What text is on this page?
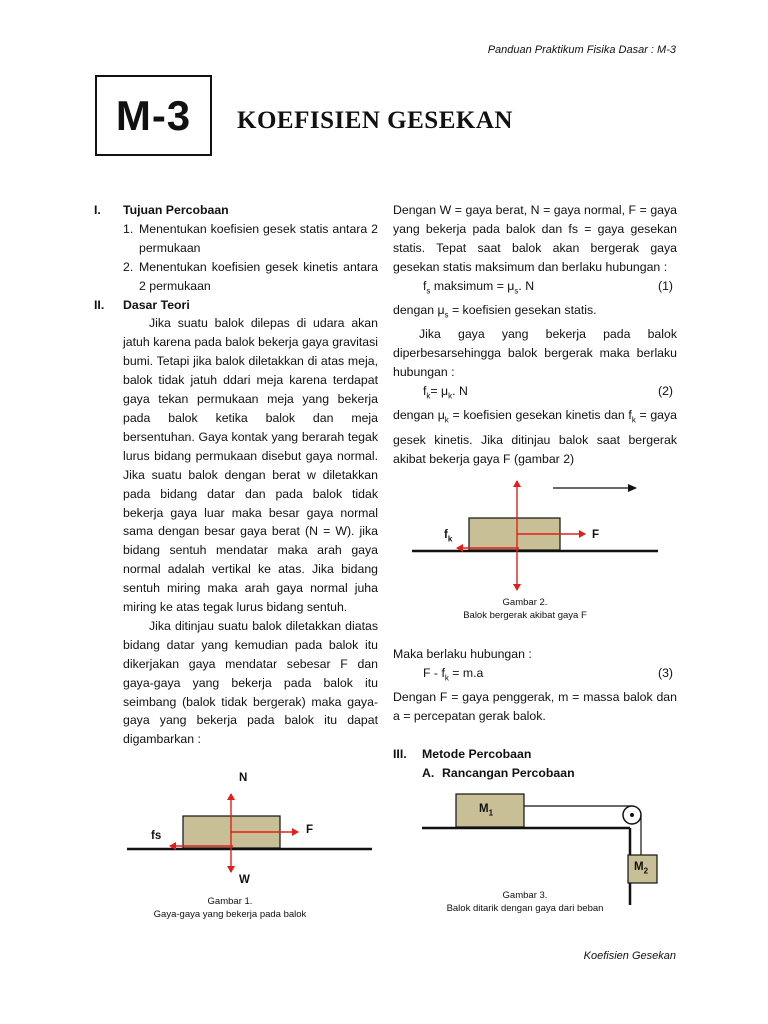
Panduan Praktikum Fisika Dasar : M-3
Koefisien Gesekan
M-3 KOEFISIEN GESEKAN
I.	Tujuan Percobaan
1. Menentukan koefisien gesek statis antara 2 permukaan
2. Menentukan koefisien gesek kinetis antara 2 permukaan
II.	Dasar Teori
Jika suatu balok dilepas di udara akan jatuh karena pada balok bekerja gaya gravitasi bumi. Tetapi jika balok diletakkan di atas meja, balok tidak jatuh ddari meja karena terdapat gaya tekan permukaan meja yang bekerja pada balok ketika balok dan meja bersentuhan. Gaya kontak yang berarah tegak lurus bidang permukaan disebut gaya normal. Jika suatu balok dengan berat w diletakkan pada bidang datar dan pada balok tidak bekerja gaya luar maka besar gaya normal sama dengan besar gaya berat (N = W). jika bidang sentuh mendatar maka arah gaya normal adalah vertikal ke atas. Jika bidang sentuh miring maka arah gaya normal juha miring ke atas tegak lurus bidang sentuh.
Jika ditinjau suatu balok diletakkan diatas bidang datar yang kemudian pada balok itu dikerjakan gaya mendatar sebesar F dan gaya-gaya yang bekerja pada balok itu seimbang (balok tidak bergerak) maka gaya-gaya yang bekerja pada balok itu dapat digambarkan :
N
F
fs
W
Gambar 1.
Gaya-gaya yang bekerja pada balok
Dengan W = gaya berat, N = gaya normal, F = gaya yang bekerja pada balok dan fs = gaya gesekan statis. Tepat saat balok akan bergerak gaya gesekan statis maksimum dan berlaku hubungan :
$f_s$ maksimum = $\mu_s$. N	(1)
dengan $\mu_s$ = koefisien gesekan statis.
Jika gaya yang bekerja pada balok diperbesarsehingga balok bergerak maka berlaku hubungan :
$f_k= \mu_k$. N	(2)
dengan $\mu_k$ = koefisien gesekan kinetis dan $f_k$ = gaya gesek kinetis. Jika ditinjau balok saat bergerak akibat bekerja gaya F (gambar 2)
$f_k$	F
Gambar 2.
Balok bergerak akibat gaya F
Maka berlaku hubungan :
$F - f_k = m.a$	(3)
Dengan F = gaya penggerak, m = massa balok dan a = percepatan gerak balok.
III.	Metode Percobaan
A. Rancangan Percobaan
$M_1$
$M_2$
Gambar 3.
Balok ditarik dengan gaya dari beban
